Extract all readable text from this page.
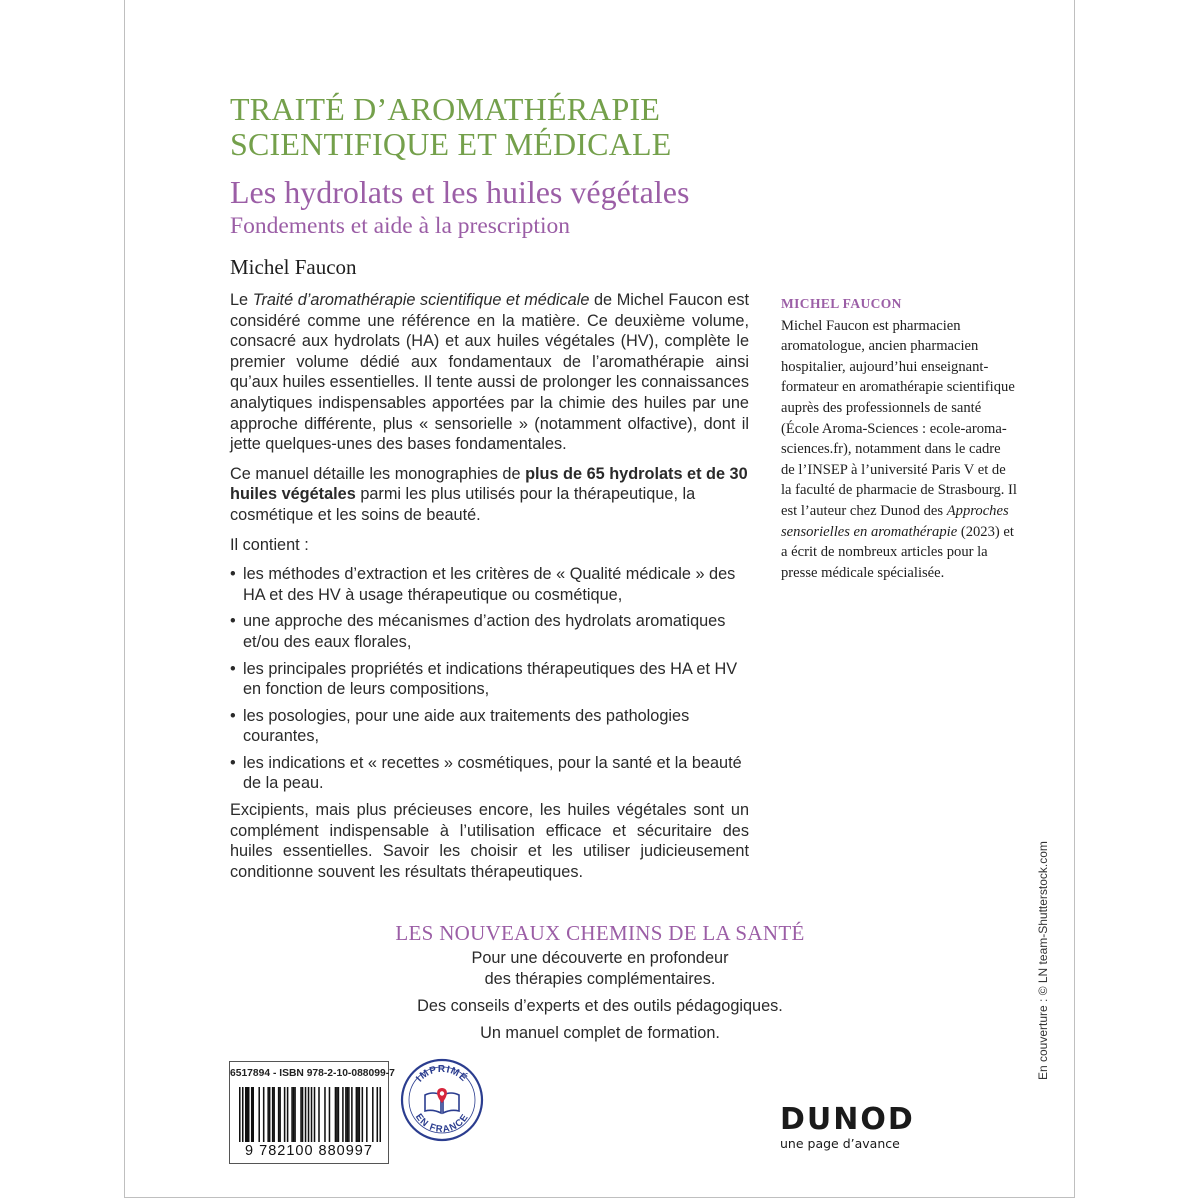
TRAITÉ D’AROMATHÉRAPIE
SCIENTIFIQUE ET MÉDICALE
Les hydrolats et les huiles végétales
Fondements et aide à la prescription
Michel Faucon

Le Traité d’aromathérapie scientifique et médicale de Michel Faucon est considéré comme une référence en la matière. Ce deuxième volume, consacré aux hydrolats (HA) et aux huiles végétales (HV), complète le premier volume dédié aux fondamentaux de l’aromathérapie ainsi qu’aux huiles essentielles. Il tente aussi de prolonger les connaissances analytiques indispensables apportées par la chimie des huiles par une approche différente, plus « sensorielle » (notamment olfactive), dont il jette quelques-unes des bases fondamentales.

Ce manuel détaille les monographies de plus de 65 hydrolats et de 30 huiles végétales parmi les plus utilisés pour la thérapeutique, la cosmétique et les soins de beauté.

Il contient :

• les méthodes d’extraction et les critères de « Qualité médicale » des HA et des HV à usage thérapeutique ou cosmétique,
• une approche des mécanismes d’action des hydrolats aromatiques et/ou des eaux florales,
• les principales propriétés et indications thérapeutiques des HA et HV en fonction de leurs compositions,
• les posologies, pour une aide aux traitements des pathologies courantes,
• les indications et « recettes » cosmétiques, pour la santé et la beauté de la peau.

Excipients, mais plus précieuses encore, les huiles végétales sont un complément indispensable à l’utilisation efficace et sécuritaire des huiles essentielles. Savoir les choisir et les utiliser judicieusement conditionne souvent les résultats thérapeutiques.

MICHEL FAUCON
Michel Faucon est pharmacien aromatologue, ancien pharmacien hospitalier, aujourd’hui enseignant-formateur en aromathérapie scientifique auprès des professionnels de santé (École Aroma-Sciences : ecole-aroma-sciences.fr), notamment dans le cadre de l’INSEP à l’université Paris V et de la faculté de pharmacie de Strasbourg. Il est l’auteur chez Dunod des Approches sensorielles en aromathérapie (2023) et a écrit de nombreux articles pour la presse médicale spécialisée.
LES NOUVEAUX CHEMINS DE LA SANTÉ
Pour une découverte en profondeur
des thérapies complémentaires.
Des conseils d’experts et des outils pédagogiques.
Un manuel complet de formation.
6517894 - ISBN 978-2-10-088099-7
9 782100 880997
IMPRIMÉ
EN FRANCE	DUNOD
une page d’avance
En couverture : © LN team-Shutterstock.com
